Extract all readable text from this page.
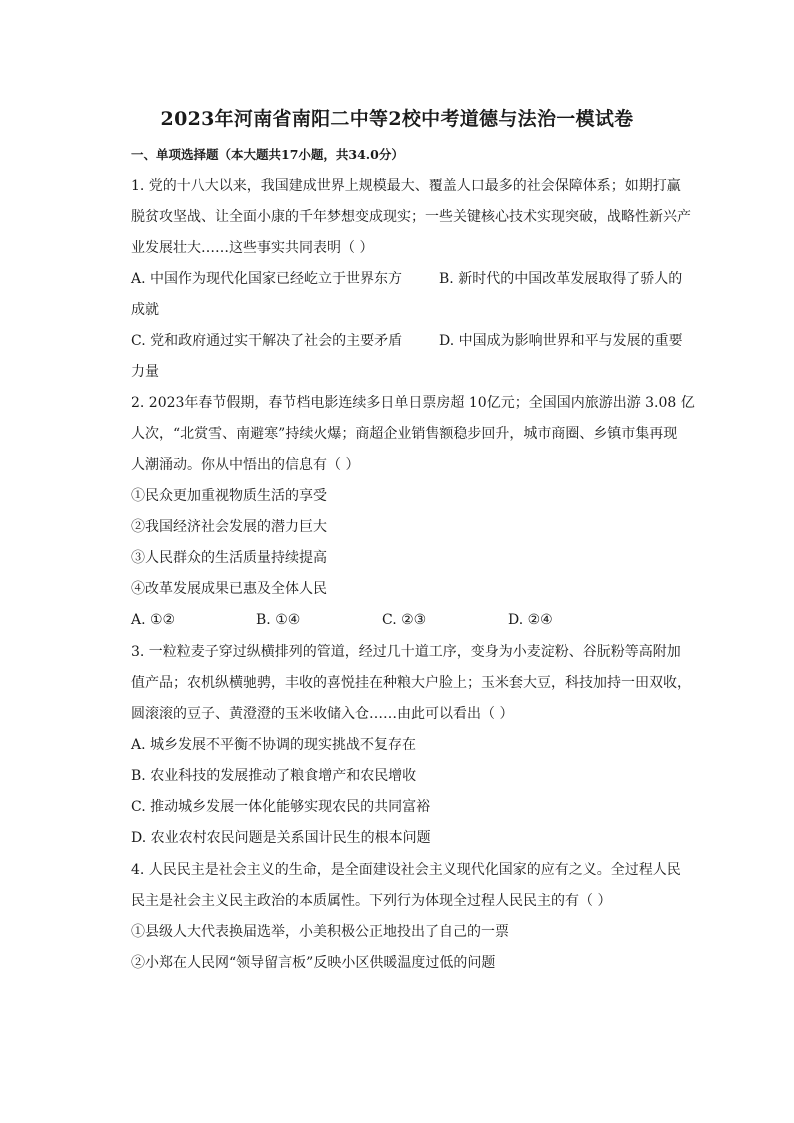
2023年河南省南阳二中等2校中考道德与法治一模试卷
一、单项选择题（本大题共17小题，共34.0分）
1. 党的十八大以来，我国建成世界上规模最大、覆盖人口最多的社会保障体系；如期打赢
脱贫攻坚战、让全面小康的千年梦想变成现实；一些关键核心技术实现突破，战略性新兴产
业发展壮大……这些事实共同表明（ ）
A. 中国作为现代化国家已经屹立于世界东方	B. 新时代的中国改革发展取得了骄人的
成就
C. 党和政府通过实干解决了社会的主要矛盾	D. 中国成为影响世界和平与发展的重要
力量
2. 2023年春节假期，春节档电影连续多日单日票房超 10亿元；全国国内旅游出游 3.08 亿
人次，“北赏雪、南避寒”持续火爆；商超企业销售额稳步回升，城市商圈、乡镇市集再现
人潮涌动。你从中悟出的信息有（ ）
①民众更加重视物质生活的享受
②我国经济社会发展的潜力巨大
③人民群众的生活质量持续提高
④改革发展成果已惠及全体人民
A. ①②	B. ①④	C. ②③	D. ②④
3. 一粒粒麦子穿过纵横排列的管道，经过几十道工序，变身为小麦淀粉、谷朊粉等高附加
值产品；农机纵横驰骋，丰收的喜悦挂在种粮大户脸上；玉米套大豆，科技加持一田双收，
圆滚滚的豆子、黄澄澄的玉米收储入仓……由此可以看出（ ）
A. 城乡发展不平衡不协调的现实挑战不复存在
B. 农业科技的发展推动了粮食增产和农民增收
C. 推动城乡发展一体化能够实现农民的共同富裕
D. 农业农村农民问题是关系国计民生的根本问题
4. 人民民主是社会主义的生命，是全面建设社会主义现代化国家的应有之义。全过程人民
民主是社会主义民主政治的本质属性。下列行为体现全过程人民民主的有（ ）
①县级人大代表换届选举，小美积极公正地投出了自己的一票
②小郑在人民网“领导留言板”反映小区供暖温度过低的问题
